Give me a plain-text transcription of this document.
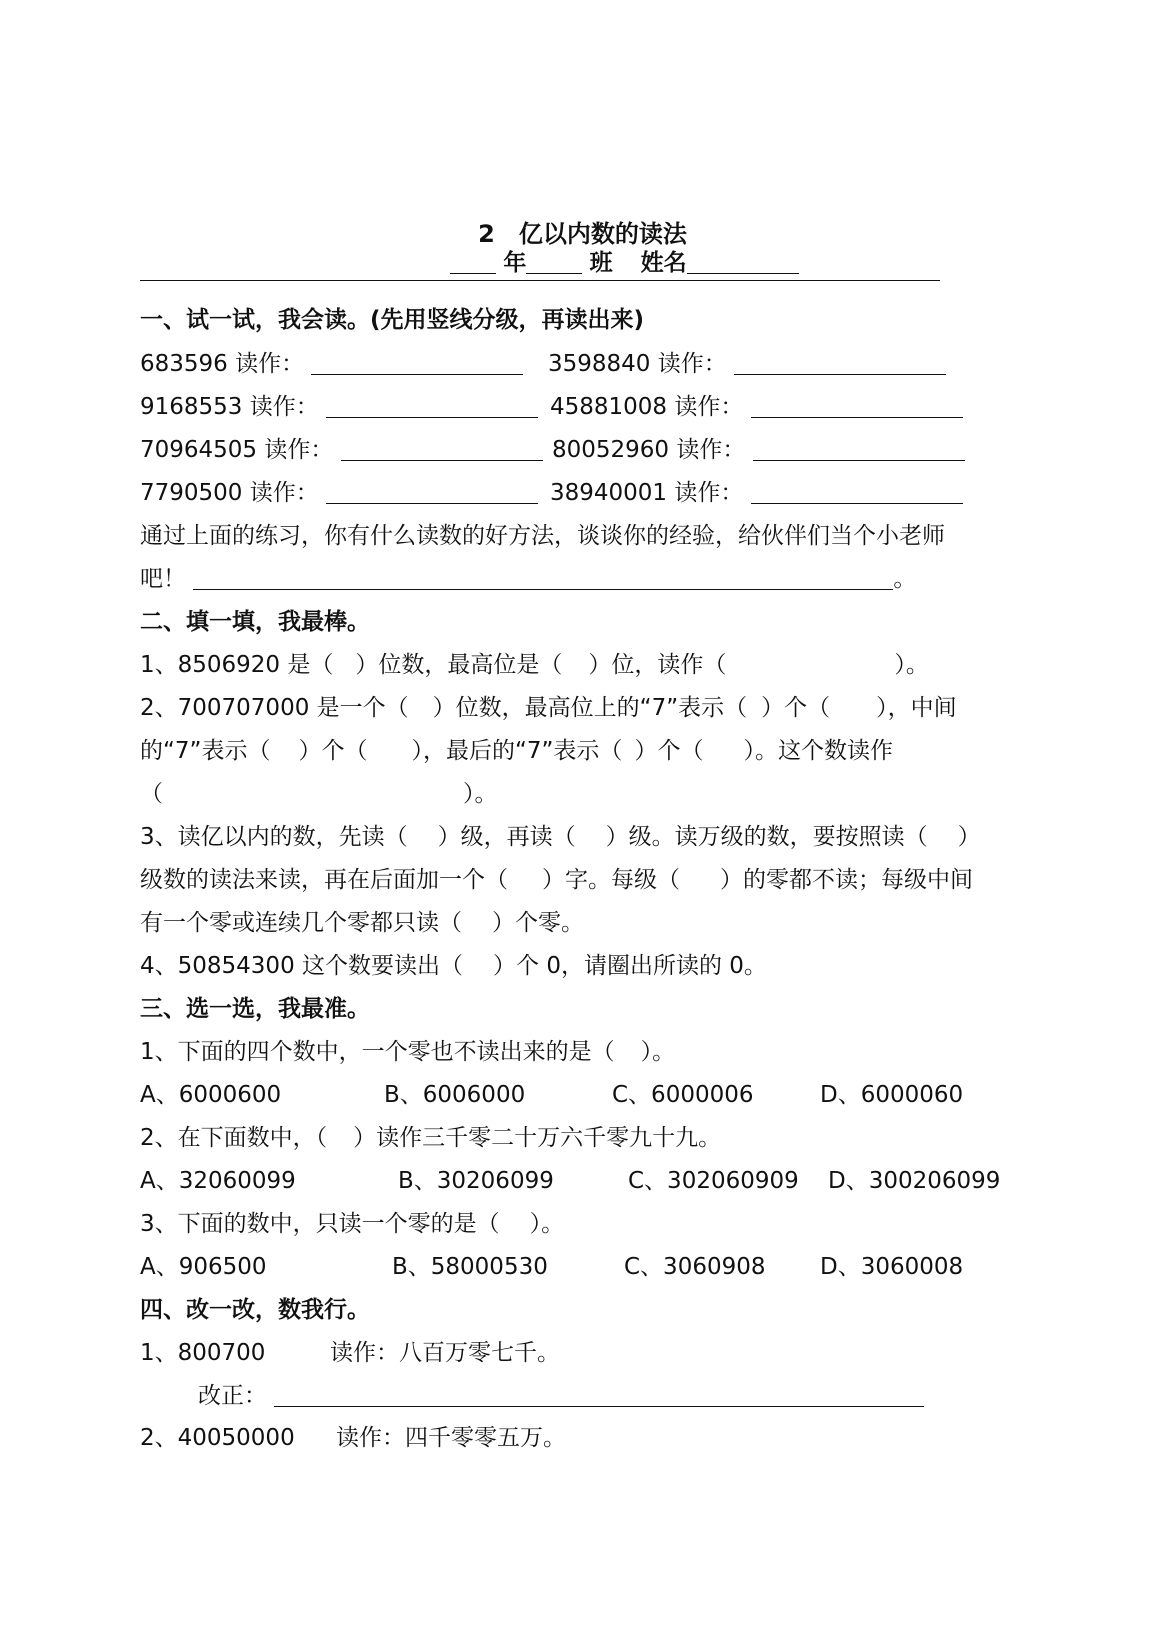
2　亿以内数的读法
年	班 姓名
一、试一试，我会读。(先用竖线分级，再读出来)
683596 读作：	3598840 读作：
9168553 读作：	45881008 读作：
70964505 读作：	80052960 读作：
7790500 读作：	38940001 读作：
通过上面的练习，你有什么读数的好方法，谈谈你的经验，给伙伴们当个小老师
吧！	。
二、填一填，我最棒。
1、8506920 是（ ）位数，最高位是（ ）位，读作（	）。
2、700707000 是一个（ ）位数，最高位上的“7”表示（ ）个（ ），中间
的“7”表示（ ）个（ ），最后的“7”表示（ ）个（ ）。这个数读作
（	）。
3、读亿以内的数，先读（ ）级，再读（ ）级。读万级的数，要按照读（ ）
级数的读法来读，再在后面加一个（ ）字。每级（ ）的零都不读；每级中间
有一个零或连续几个零都只读（ ）个零。
4、50854300 这个数要读出（ ）个 0，请圈出所读的 0。
三、选一选，我最准。
1、下面的四个数中，一个零也不读出来的是（ ）。
A、6000600	B、6006000	C、6000006	D、6000060
2、在下面数中，（ ）读作三千零二十万六千零九十九。
A、32060099	B、30206099	C、302060909 D、300206099
3、下面的数中，只读一个零的是（ ）。
A、906500	B、58000530	C、3060908 D、3060008
四、改一改，数我行。
1、800700	读作：八百万零七千。
改正：
2、40050000 读作：四千零零五万。
